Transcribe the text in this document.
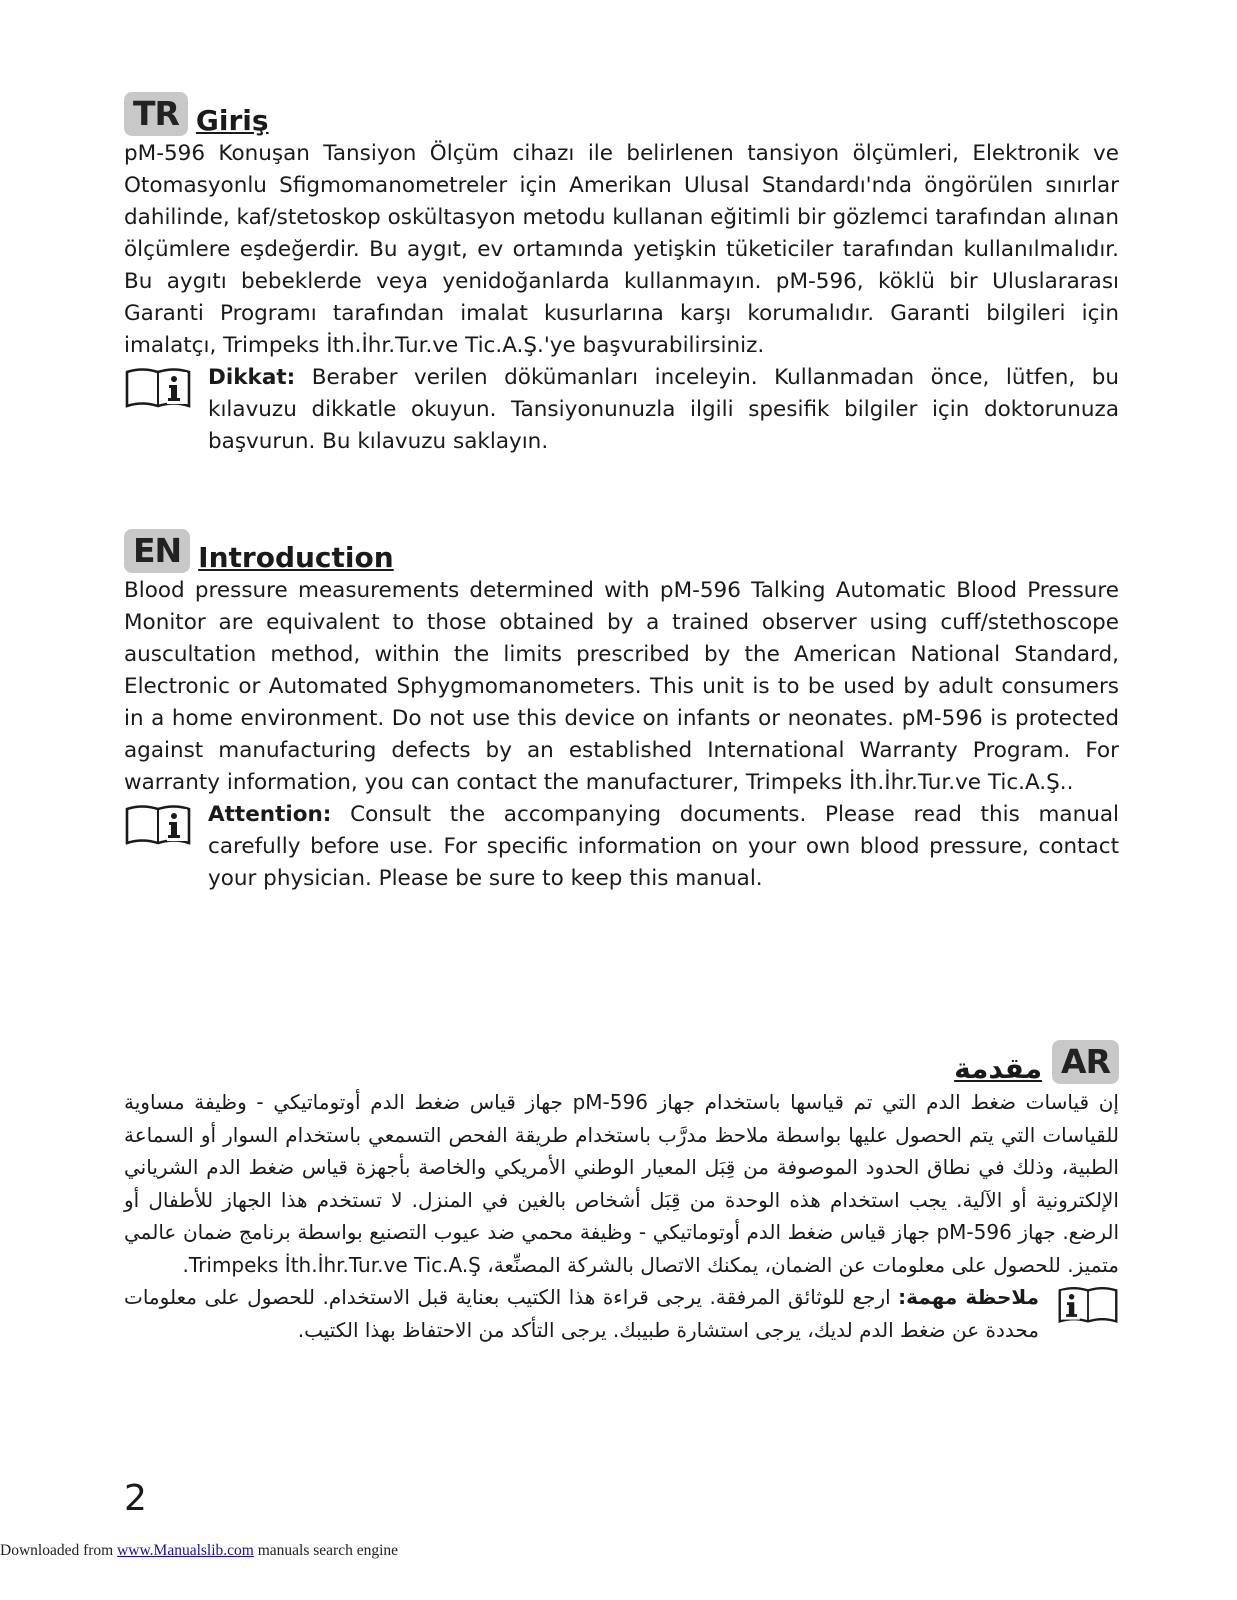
TR Giriş

pM-596 Konuşan Tansiyon Ölçüm cihazı ile belirlenen tansiyon ölçümleri, Elektronik ve Otomasyonlu Sfigmomanometreler için Amerikan Ulusal Standardı'nda öngörülen sınırlar dahilinde, kaf/stetoskop oskültasyon metodu kullanan eğitimli bir gözlemci tarafından alınan ölçümlere eşdeğerdir. Bu aygıt, ev ortamında yetişkin tüketiciler tarafından kullanılmalıdır. Bu aygıtı bebeklerde veya yenidoğanlarda kullanmayın. pM-596, köklü bir Uluslararası Garanti Programı tarafından imalat kusurlarına karşı korumalıdır. Garanti bilgileri için imalatçı, Trimpeks İth.İhr.Tur.ve Tic.A.Ş.'ye başvurabilirsiniz.

Dikkat: Beraber verilen dökümanları inceleyin. Kullanmadan önce, lütfen, bu kılavuzu dikkatle okuyun. Tansiyonunuzla ilgili spesifik bilgiler için doktorunuza başvurun. Bu kılavuzu saklayın.

EN Introduction

Blood pressure measurements determined with pM-596 Talking Automatic Blood Pressure Monitor are equivalent to those obtained by a trained observer using cuff/stethoscope auscultation method, within the limits prescribed by the American National Standard, Electronic or Automated Sphygmomanometers. This unit is to be used by adult consumers in a home environment. Do not use this device on infants or neonates. pM-596 is protected against manufacturing defects by an established International Warranty Program. For warranty information, you can contact the manufacturer, Trimpeks İth.İhr.Tur.ve Tic.A.Ş..

Attention: Consult the accompanying documents. Please read this manual carefully before use. For specific information on your own blood pressure, contact your physician. Please be sure to keep this manual.

AR
مقدمة

إن قياسات ضغط الدم التي تم قياسها باستخدام جهاز pM-596 جهاز قياس ضغط الدم أوتوماتيكي - وظيفة مساوية للقياسات التي يتم الحصول عليها بواسطة ملاحظ مدرَّب باستخدام طريقة الفحص التسمعي باستخدام السوار أو السماعة الطبية، وذلك في نطاق الحدود الموصوفة من قِبَل المعيار الوطني الأمريكي والخاصة بأجهزة قياس ضغط الدم الشرياني الإلكترونية أو الآلية. يجب استخدام هذه الوحدة من قِبَل أشخاص بالغين في المنزل. لا تستخدم هذا الجهاز للأطفال أو الرضع. جهاز pM-596 جهاز قياس ضغط الدم أوتوماتيكي - وظيفة محمي ضد عيوب التصنيع بواسطة برنامج ضمان عالمي متميز. للحصول على معلومات عن الضمان، يمكنك الاتصال بالشركة المصنِّعة، Trimpeks İth.İhr.Tur.ve Tic.A.Ş.

ملاحظة مهمة: ارجع للوثائق المرفقة. يرجى قراءة هذا الكتيب بعناية قبل الاستخدام. للحصول على معلومات محددة عن ضغط الدم لديك، يرجى استشارة طبيبك. يرجى التأكد من الاحتفاظ بهذا الكتيب.

2
Downloaded from www.Manualslib.com manuals search engine
